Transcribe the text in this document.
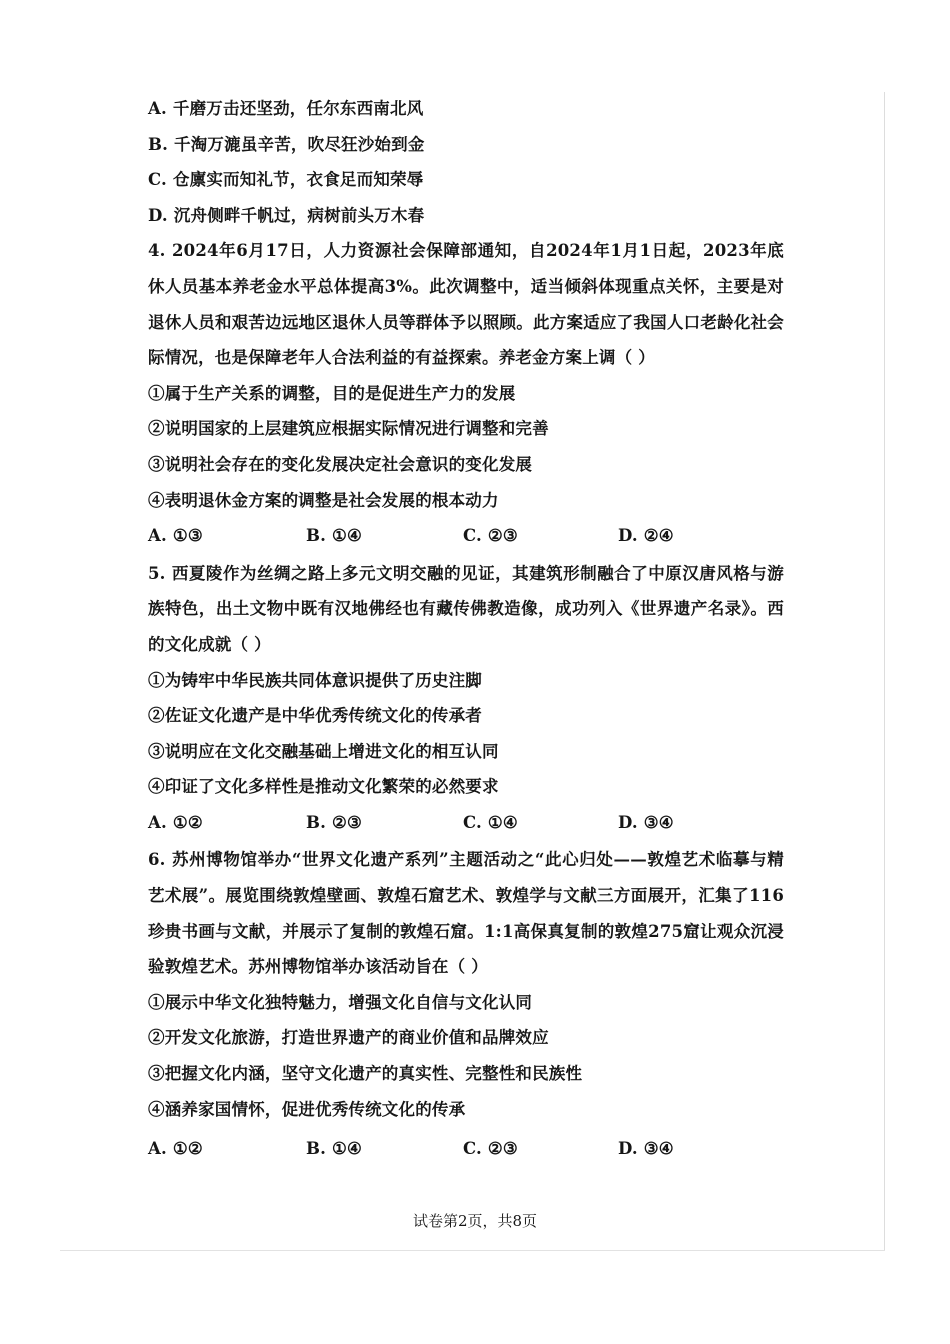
A. 千磨万击还坚劲，任尔东西南北风
B. 千淘万漉虽辛苦，吹尽狂沙始到金
C. 仓廪实而知礼节，衣食足而知荣辱
D. 沉舟侧畔千帆过，病树前头万木春
4. 2024年6月17日，人力资源社会保障部通知，自2024年1月1日起，2023年底
休人员基本养老金水平总体提高3%。此次调整中，适当倾斜体现重点关怀，主要是对
退休人员和艰苦边远地区退休人员等群体予以照顾。此方案适应了我国人口老龄化社会
际情况，也是保障老年人合法利益的有益探索。养老金方案上调（ ）
①属于生产关系的调整，目的是促进生产力的发展
②说明国家的上层建筑应根据实际情况进行调整和完善
③说明社会存在的变化发展决定社会意识的变化发展
④表明退休金方案的调整是社会发展的根本动力
A. ①③	B. ①④	C. ②③	D. ②④
5. 西夏陵作为丝绸之路上多元文明交融的见证，其建筑形制融合了中原汉唐风格与游
族特色，出土文物中既有汉地佛经也有藏传佛教造像，成功列入《世界遗产名录》。西
的文化成就（ ）
①为铸牢中华民族共同体意识提供了历史注脚
②佐证文化遗产是中华优秀传统文化的传承者
③说明应在文化交融基础上增进文化的相互认同
④印证了文化多样性是推动文化繁荣的必然要求
A. ①②	B. ②③	C. ①④	D. ③④
6. 苏州博物馆举办“世界文化遗产系列”主题活动之“此心归处——敦煌艺术临摹与精
艺术展”。展览围绕敦煌壁画、敦煌石窟艺术、敦煌学与文献三方面展开，汇集了116
珍贵书画与文献，并展示了复制的敦煌石窟。1:1高保真复制的敦煌275窟让观众沉浸
验敦煌艺术。苏州博物馆举办该活动旨在（ ）
①展示中华文化独特魅力，增强文化自信与文化认同
②开发文化旅游，打造世界遗产的商业价值和品牌效应
③把握文化内涵，坚守文化遗产的真实性、完整性和民族性
④涵养家国情怀，促进优秀传统文化的传承
A. ①②	B. ①④	C. ②③	D. ③④
试卷第2页，共8页
